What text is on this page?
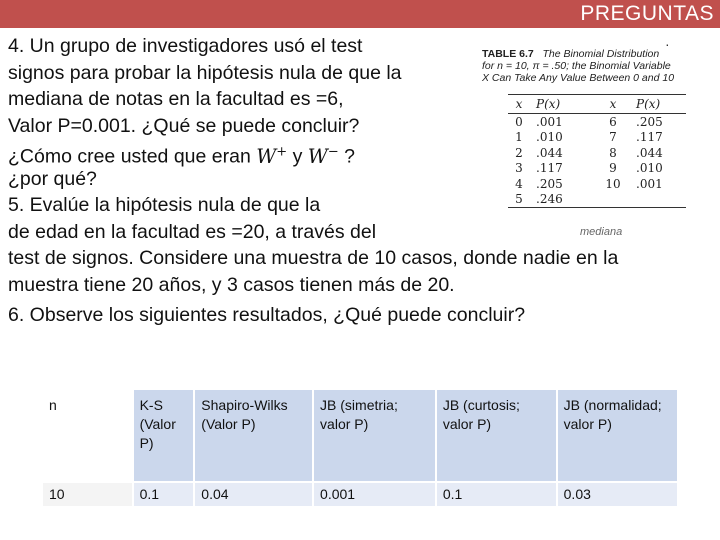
PREGUNTAS
4. Un grupo de investigadores usó el test
signos para probar la hipótesis nula de que la
mediana de notas en la facultad es =6,
Valor P=0.001. ¿Qué se puede concluir?
¿Cómo cree usted que eran W+ y W− ?
¿por qué?
5. Evalúe la hipótesis nula de que la
de edad en la facultad es =20, a través del
test de signos. Considere una muestra de 10 casos, donde nadie en la
muestra tiene 20 años, y 3 casos tienen más de 20.
6. Observe los siguientes resultados, ¿Qué puede concluir?
·
TABLE 6.7 The Binomial Distribution
for n = 10, π = .50; the Binomial Variable
X Can Take Any Value Between 0 and 10
x	P(x)	x	P(x)
0	.001	6	.205
1	.010	7	.117
2	.044	8	.044
3	.117	9	.010
4	.205	10	.001
5	.246
mediana
n	K-S (Valor P)	Shapiro-Wilks (Valor P)	JB (simetria; valor P)	JB (curtosis; valor P)	JB (normalidad; valor P)
10	0.1	0.04	0.001	0.1	0.03
